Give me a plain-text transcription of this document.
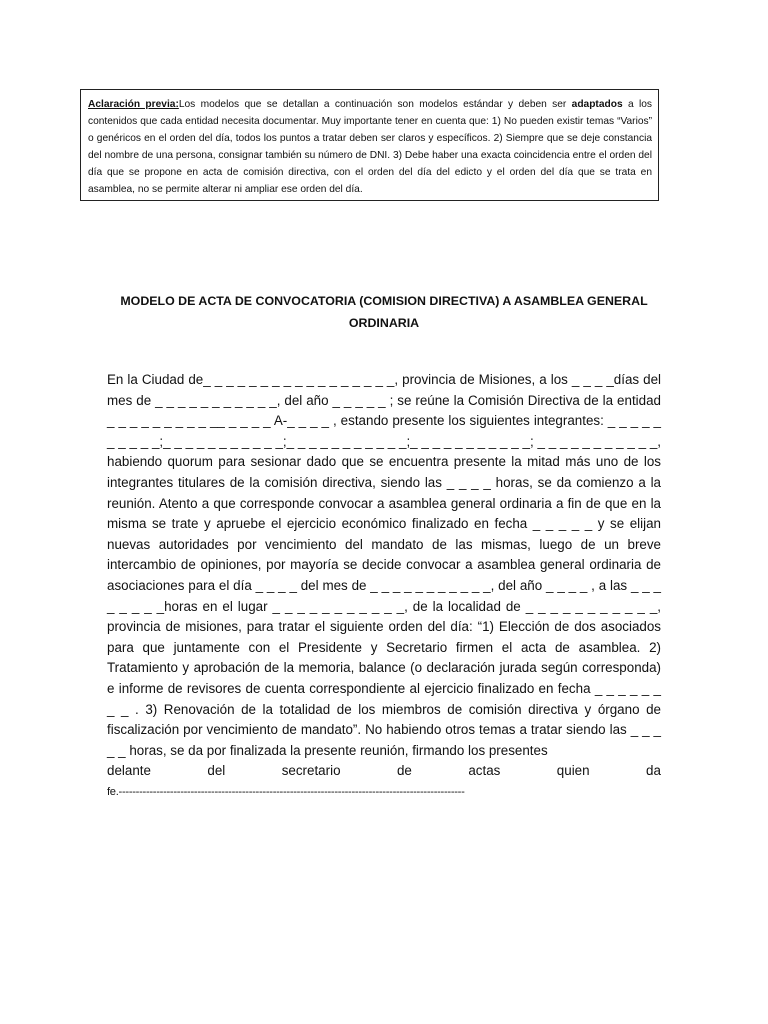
Aclaración previa:Los modelos que se detallan a continuación son modelos estándar y deben ser adaptados a los contenidos que cada entidad necesita documentar. Muy importante tener en cuenta que: 1) No pueden existir temas “Varios” o genéricos en el orden del día, todos los puntos a tratar deben ser claros y específicos. 2) Siempre que se deje constancia del nombre de una persona, consignar también su número de DNI. 3) Debe haber una exacta coincidencia entre el orden del día que se propone en acta de comisión directiva, con el orden del día del edicto y el orden del día que se trata en asamblea, no se permite alterar ni ampliar ese orden del día.
MODELO DE ACTA DE CONVOCATORIA (COMISION DIRECTIVA) A ASAMBLEA GENERAL
ORDINARIA

En la Ciudad de_ _ _ _ _ _ _ _ _ _ _ _ _ _ _ _ _, provincia de Misiones, a los _ _ _ _días del mes de _ _ _ _ _ _ _ _ _ _ _, del año _ _ _ _ _ ; se reúne la Comisión Directiva de la entidad _ _ _ _ _ _ _ _ _ __ _ _ _ _ A-_ _ _ _ , estando presente los siguientes integrantes: _ _ _ _ _ _ _ _ _ _;_ _ _ _ _ _ _ _ _ _ _;_ _ _ _ _ _ _ _ _ _ _;_ _ _ _ _ _ _ _ _ _ _; _ _ _ _ _ _ _ _ _ _ _, habiendo quorum para sesionar dado que se encuentra presente la mitad más uno de los integrantes titulares de la comisión directiva, siendo las _ _ _ _ horas, se da comienzo a la reunión. Atento a que corresponde convocar a asamblea general ordinaria a fin de que en la misma se trate y apruebe el ejercicio económico finalizado en fecha _ _ _ _ _ y se elijan nuevas autoridades por vencimiento del mandato de las mismas, luego de un breve intercambio de opiniones, por mayoría se decide convocar a asamblea general ordinaria de asociaciones para el día _ _ _ _ del mes de _ _ _ _ _ _ _ _ _ _ _, del año _ _ _ _ , a las _ _ _ _ _ _ _ _horas en el lugar _ _ _ _ _ _ _ _ _ _ _, de la localidad de _ _ _ _ _ _ _ _ _ _ _, provincia de misiones, para tratar el siguiente orden del día: “1) Elección de dos asociados para que juntamente con el Presidente y Secretario firmen el acta de asamblea. 2) Tratamiento y aprobación de la memoria, balance (o declaración jurada según corresponda) e informe de revisores de cuenta correspondiente al ejercicio finalizado en fecha _ _ _ _ _ _ _ _ . 3) Renovación de la totalidad de los miembros de comisión directiva y órgano de fiscalización por vencimiento de mandato”. No habiendo otros temas a tratar siendo las _ _ _ _ _ horas, se da por finalizada la presente reunión, firmando los presentes

delante	del	secretario	de	actas	quien	da

fe.-----------------------------------------------------------------------------------------------------
